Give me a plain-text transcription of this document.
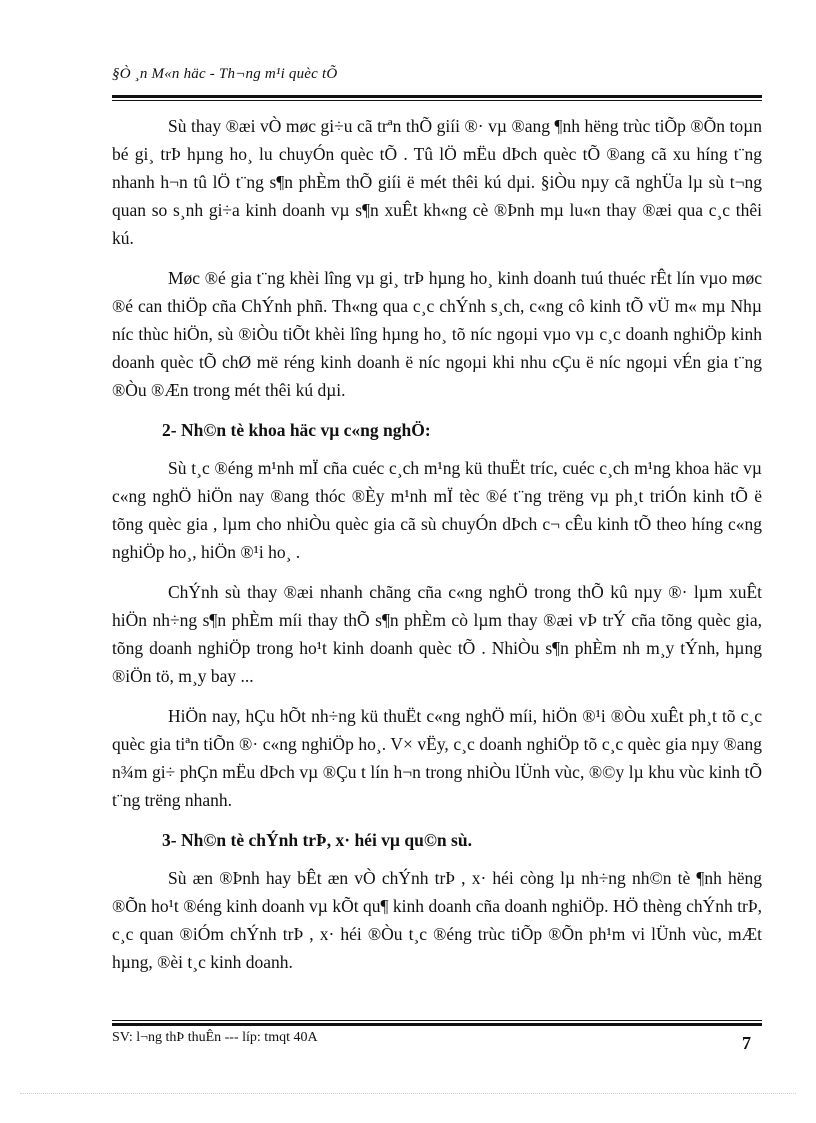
§Ò ¸n M«n häc - Th¬ng m¹i quèc tÕ

Sù thay ®æi vÒ møc gi÷u cã trªn thÕ giíi ®· vµ ®ang ¶nh hëng trùc tiÕp ®Õn toµn bé gi¸ trÞ hµng ho¸ lu chuyÓn quèc tÕ . Tû lÖ mËu dÞch quèc tÕ ®ang cã xu híng t¨ng nhanh h¬n tû lÖ t¨ng s¶n phÈm thÕ giíi ë mét thêi kú dµi. §iÒu nµy cã nghÜa lµ sù t¬ng quan so s¸nh gi÷a kinh doanh vµ s¶n xuÊt kh«ng cè ®Þnh mµ lu«n thay ®æi qua c¸c thêi kú.

Møc ®é gia t¨ng khèi lîng vµ gi¸ trÞ hµng ho¸ kinh doanh tuú thuéc rÊt lín vµo møc ®é can thiÖp cña ChÝnh phñ. Th«ng qua c¸c chÝnh s¸ch, c«ng cô kinh tÕ vÜ m« mµ Nhµ níc thùc hiÖn, sù ®iÒu tiÕt khèi lîng hµng ho¸ tõ níc ngoµi vµo vµ c¸c doanh nghiÖp kinh doanh quèc tÕ chØ më réng kinh doanh ë níc ngoµi khi nhu cÇu ë níc ngoµi vÉn gia t¨ng ®Òu ®Æn trong mét thêi kú dµi.

2- Nh©n tè khoa häc vµ c«ng nghÖ:

Sù t¸c ®éng m¹nh mÏ cña cuéc c¸ch m¹ng kü thuËt tríc, cuéc c¸ch m¹ng khoa häc vµ c«ng nghÖ hiÖn nay ®ang thóc ®Èy m¹nh mÏ tèc ®é t¨ng trëng vµ ph¸t triÓn kinh tÕ ë tõng quèc gia , lµm cho nhiÒu quèc gia cã sù chuyÓn dÞch c¬ cÊu kinh tÕ theo híng c«ng nghiÖp ho¸, hiÖn ®¹i ho¸ .

ChÝnh sù thay ®æi nhanh chãng cña c«ng nghÖ trong thÕ kû nµy ®· lµm xuÊt hiÖn nh÷ng s¶n phÈm míi thay thÕ s¶n phÈm cò lµm thay ®æi vÞ trÝ cña tõng quèc gia, tõng doanh nghiÖp trong ho¹t kinh doanh quèc tÕ . NhiÒu s¶n phÈm nh m¸y tÝnh, hµng ®iÖn tö, m¸y bay ...

HiÖn nay, hÇu hÕt nh÷ng kü thuËt c«ng nghÖ míi, hiÖn ®¹i ®Òu xuÊt ph¸t tõ c¸c quèc gia tiªn tiÕn ®· c«ng nghiÖp ho¸. V× vËy, c¸c doanh nghiÖp tõ c¸c quèc gia nµy ®ang n¾m gi÷ phÇn mËu dÞch vµ ®Çu t lín h¬n trong nhiÒu lÜnh vùc, ®©y lµ khu vùc kinh tÕ t¨ng trëng nhanh.

3- Nh©n tè chÝnh trÞ, x· héi vµ qu©n sù.

Sù æn ®Þnh hay bÊt æn vÒ chÝnh trÞ , x· héi còng lµ nh÷ng nh©n tè ¶nh hëng ®Õn ho¹t ®éng kinh doanh vµ kÕt qu¶ kinh doanh cña doanh nghiÖp. HÖ thèng chÝnh trÞ, c¸c quan ®iÓm chÝnh trÞ , x· héi ®Òu t¸c ®éng trùc tiÕp ®Õn ph¹m vi lÜnh vùc, mÆt hµng, ®èi t¸c kinh doanh.

SV: l¬ng thÞ thuÊn --- líp: tmqt 40A	7
